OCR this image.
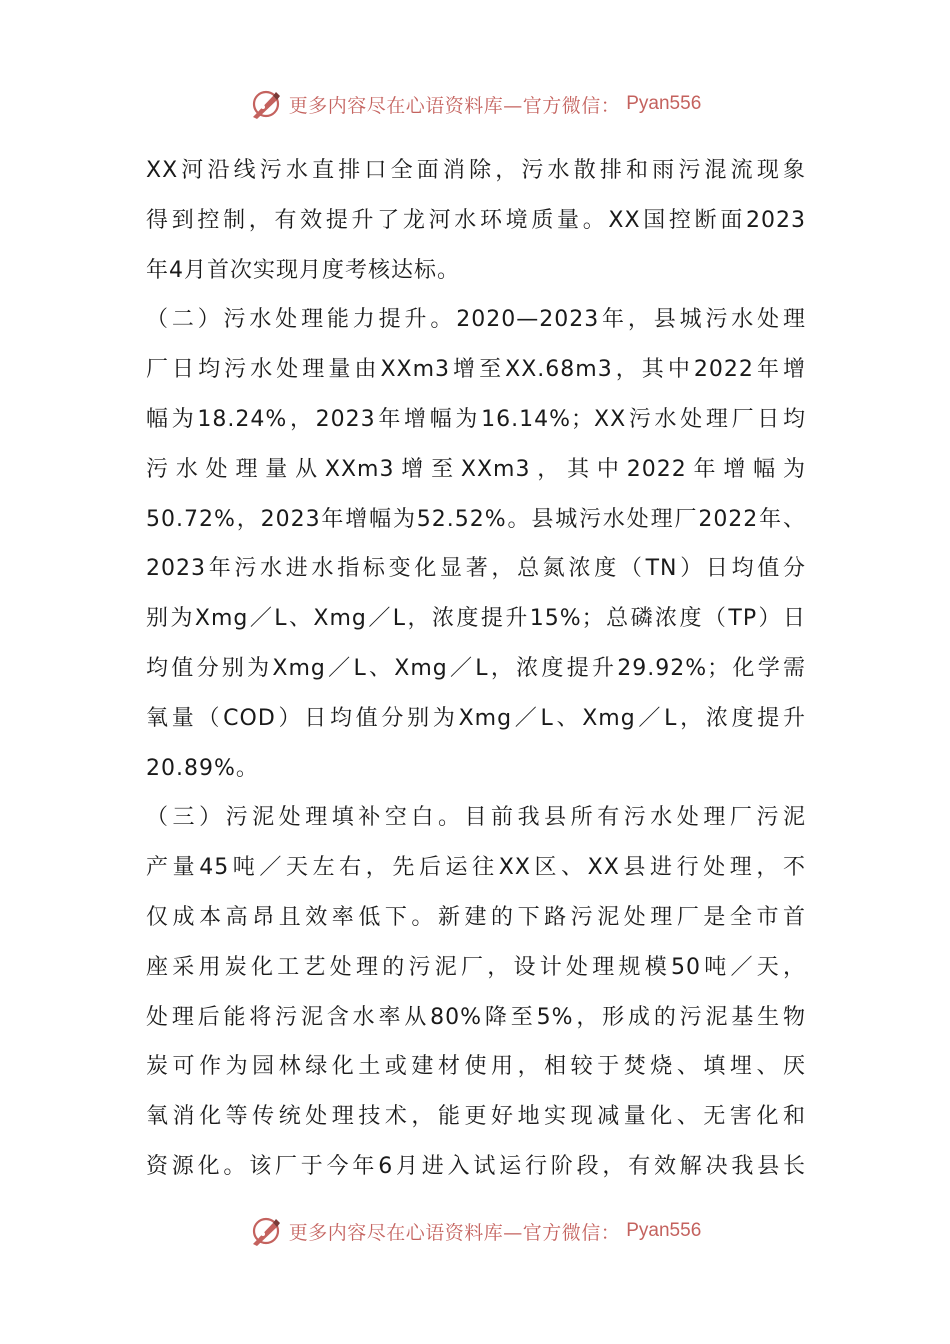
更多内容尽在心语资料库—官方微信： Pyan556
XX河沿线污水直排口全面消除，污水散排和雨污混流现象
得到控制，有效提升了龙河水环境质量。XX国控断面2023
年4月首次实现月度考核达标。
（二）污水处理能力提升。2020—2023年，县城污水处理
厂日均污水处理量由XXm3增至XX.68m3，其中2022年增
幅为18.24%，2023年增幅为16.14%；XX污水处理厂日均
污水处理量从XXm3增至XXm3，其中2022年增幅为
50.72%，2023年增幅为52.52%。县城污水处理厂2022年、
2023年污水进水指标变化显著，总氮浓度（TN）日均值分
别为Xmg／L、Xmg／L，浓度提升15%；总磷浓度（TP）日
均值分别为Xmg／L、Xmg／L，浓度提升29.92%；化学需
氧量（COD）日均值分别为Xmg／L、Xmg／L，浓度提升
20.89%。
（三）污泥处理填补空白。目前我县所有污水处理厂污泥
产量45吨／天左右，先后运往XX区、XX县进行处理，不
仅成本高昂且效率低下。新建的下路污泥处理厂是全市首
座采用炭化工艺处理的污泥厂，设计处理规模50吨／天，
处理后能将污泥含水率从80%降至5%，形成的污泥基生物
炭可作为园林绿化土或建材使用，相较于焚烧、填埋、厌
氧消化等传统处理技术，能更好地实现减量化、无害化和
资源化。该厂于今年6月进入试运行阶段，有效解决我县长
更多内容尽在心语资料库—官方微信： Pyan556
